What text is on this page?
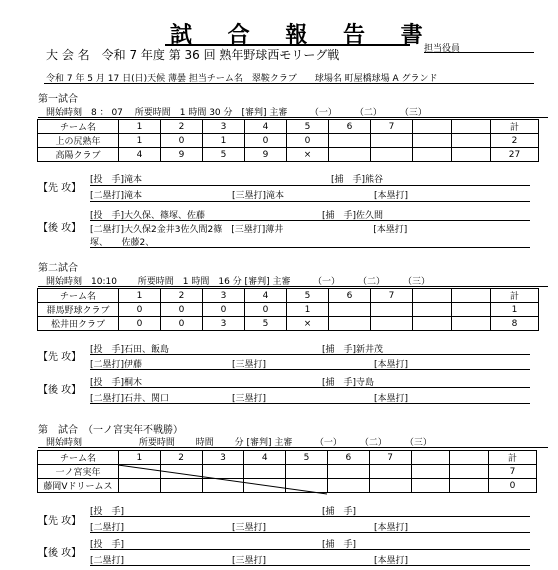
試 合 報 告 書
担当役員
大 会 名　令和 7 年度 第 36 回 熟年野球西モリーグ戦
令和 7 年 5 月 17 日(日)天候 薄曇 担当チーム名　翠鞍クラブ　　球場名 町屋橋球場 A グランド
第一試合
開始時刻　8 ： 07　 所要時間　1 時間 30 分　[審判] 主審　　　（一）　　　（二）　　　（三）
チーム名	1	2	3	4	5	6	7			計
上の尻熟年	1	0	1	0	0					2
高陽クラブ	4	9	5	9	×					27
【先 攻】
[投　手]滝本　　　　　　　　　　　　　　　　　　　　　[捕　手]熊谷
[二塁打]滝本　　　　　　　　　　[三塁打]滝本　　　　　　　　　　[本塁打]
【後 攻】
[投　手]大久保、篠塚、佐藤　　　　　　　　　　　　　[捕　手]佐久間
[二塁打]大久保2金井3佐久間2篠　[三塁打]薄井　　　　　　　　　　[本塁打]
塚、　　佐藤2、
第二試合
開始時刻　10:10　　 所要時間　1 時間　16 分 [審判] 主審　　　（一）　　　（二）　　　（三）
チーム名	1	2	3	4	5	6	7			計
群馬野球クラブ	0	0	0	0	1					1
松井田クラブ	0	0	3	5	×					8
【先 攻】
[投　手]石田、飯島　　　　　　　　　　　　　　　　　[捕　手]新井茂
[二塁打]伊藤　　　　　　　　　　[三塁打]　　　　　　　　　　　　[本塁打]
【後 攻】
[投　手]桐木　　　　　　　　　　　　　　　　　　　　[捕　手]寺島
[二塁打]石井、関口　　　　　　　[三塁打]　　　　　　　　　　　　[本塁打]
第　試合　（一ノ宮実年不戦勝）
開始時刻　　　　　　 所要時間　　 時間　　 分 [審判] 主審　　　（一）　　　（二）　　　（三）
チーム名	1	2	3	4	5	6	7			計
一ノ宮実年										7
藤岡Vドリームス										0
【先 攻】
[投　手]　　　　　　　　　　　　　　　　　　　　　　[捕　手]
[二塁打]　　　　　　　　　　　　[三塁打]　　　　　　　　　　　　[本塁打]
【後 攻】
[投　手]　　　　　　　　　　　　　　　　　　　　　　[捕　手]
[二塁打]　　　　　　　　　　　　[三塁打]　　　　　　　　　　　　[本塁打]
